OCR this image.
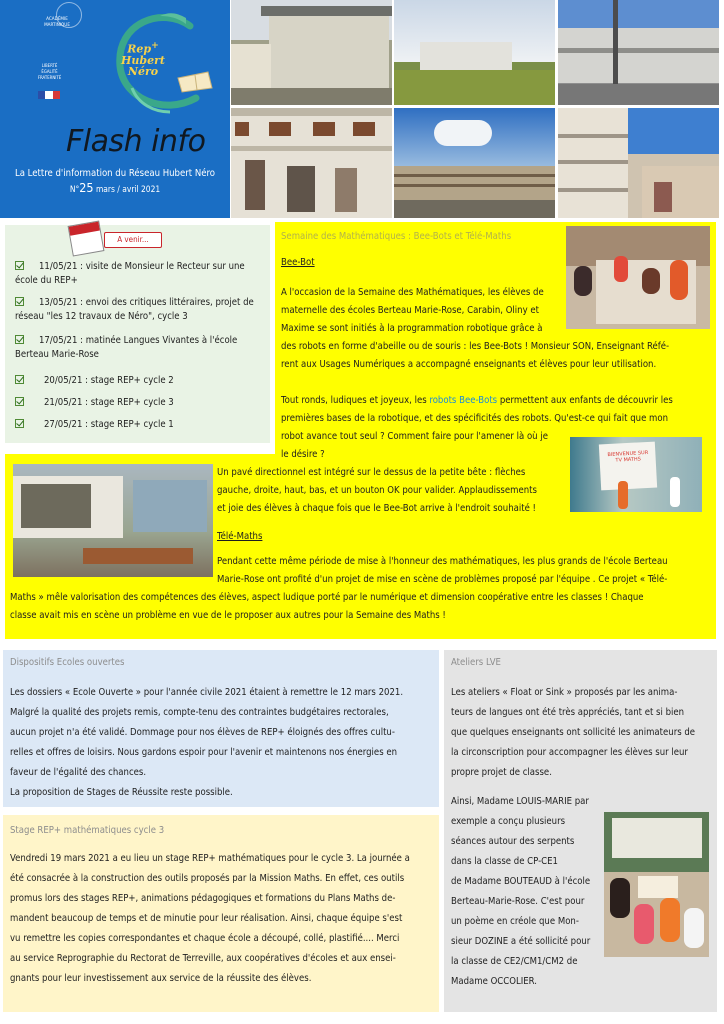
ACADÉMIE
MARTINIQUE
LIBERTÉ
ÉGALITÉ
FRATERNITÉ
Rep+
Hubert
Néro
Flash info
La Lettre d'information du Réseau Hubert Néro
N°25 mars / avril 2021
A venir...
11/05/21 : visite de Monsieur le Recteur sur une
école du REP+
13/05/21 : envoi des critiques littéraires, projet de
réseau "les 12 travaux de Néro", cycle 3
17/05/21 : matinée Langues Vivantes à l'école
Berteau Marie-Rose
20/05/21 : stage REP+ cycle 2
21/05/21 : stage REP+ cycle 3
27/05/21 : stage REP+ cycle 1
Semaine des Mathématiques : Bee-Bots et Télé-Maths
Bee-Bot
A l'occasion de la Semaine des Mathématiques, les élèves de
maternelle des écoles Berteau Marie-Rose, Carabin, Oliny et
Maxime se sont initiés à la programmation robotique grâce à
des robots en forme d'abeille ou de souris : les Bee-Bots ! Monsieur SON, Enseignant Réfé-
rent aux Usages Numériques a accompagné enseignants et élèves pour leur utilisation.
Tout ronds, ludiques et joyeux, les robots Bee-Bots permettent aux enfants de découvrir les
premières bases de la robotique, et des spécificités des robots. Qu'est-ce qui fait que mon
robot avance tout seul ? Comment faire pour l'amener là où je
le désire ?	BIENVENUE SUR TV MATHS
Un pavé directionnel est intégré sur le dessus de la petite bête : flèches
gauche, droite, haut, bas, et un bouton OK pour valider. Applaudissements
et joie des élèves à chaque fois que le Bee-Bot arrive à l'endroit souhaité !
Télé-Maths
Pendant cette même période de mise à l'honneur des mathématiques, les plus grands de l'école Berteau
Marie-Rose ont profité d'un projet de mise en scène de problèmes proposé par l'équipe . Ce projet « Télé-
Maths » mêle valorisation des compétences des élèves, aspect ludique porté par le numérique et dimension coopérative entre les classes ! Chaque
classe avait mis en scène un problème en vue de le proposer aux autres pour la Semaine des Maths !
Dispositifs Ecoles ouvertes
Les dossiers « Ecole Ouverte » pour l'année civile 2021 étaient à remettre le 12 mars 2021.
Malgré la qualité des projets remis, compte-tenu des contraintes budgétaires rectorales,
aucun projet n'a été validé. Dommage pour nos élèves de REP+ éloignés des offres cultu-
relles et offres de loisirs. Nous gardons espoir pour l'avenir et maintenons nos énergies en
faveur de l'égalité des chances.
La proposition de Stages de Réussite reste possible.
Stage REP+ mathématiques cycle 3
Vendredi 19 mars 2021 a eu lieu un stage REP+ mathématiques pour le cycle 3. La journée a
été consacrée à la construction des outils proposés par la Mission Maths. En effet, ces outils
promus lors des stages REP+, animations pédagogiques et formations du Plans Maths de-
mandent beaucoup de temps et de minutie pour leur réalisation. Ainsi, chaque équipe s'est
vu remettre les copies correspondantes et chaque école a découpé, collé, plastifié.... Merci
au service Reprographie du Rectorat de Terreville, aux coopératives d'écoles et aux ensei-
gnants pour leur investissement aux service de la réussite des élèves.
Ateliers LVE
Les ateliers « Float or Sink » proposés par les anima-
teurs de langues ont été très appréciés, tant et si bien
que quelques enseignants ont sollicité les animateurs de
la circonscription pour accompagner les élèves sur leur
propre projet de classe.
Ainsi, Madame LOUIS-MARIE par
exemple a conçu plusieurs
séances autour des serpents
dans la classe de CP-CE1
de Madame BOUTEAUD à l'école
Berteau-Marie-Rose. C'est pour
un poème en créole que Mon-
sieur DOZINE a été sollicité pour
la classe de CE2/CM1/CM2 de
Madame OCCOLIER.
